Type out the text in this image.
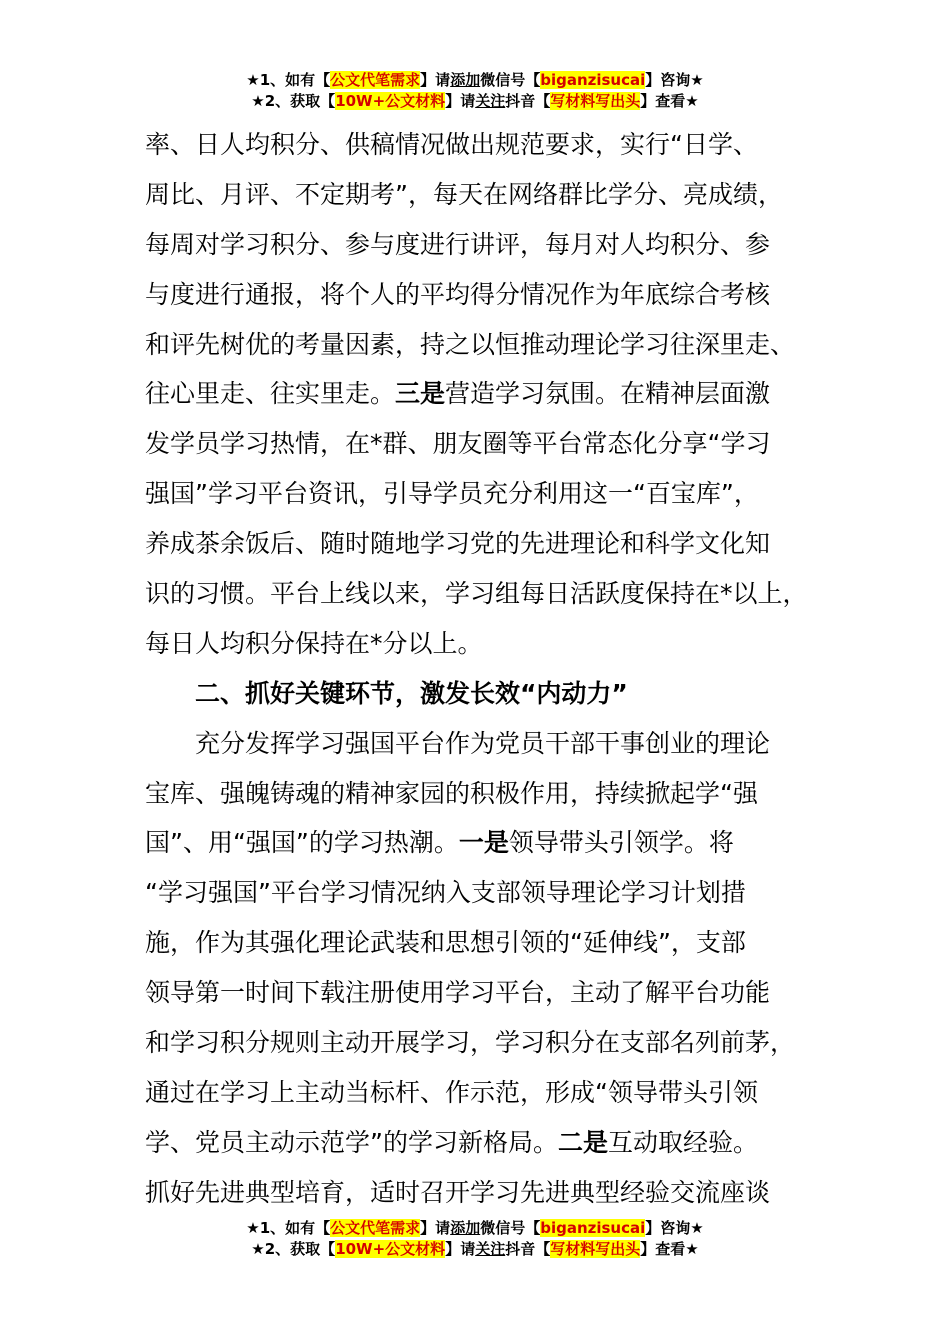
★1、如有【公文代笔需求】请添加微信号【biganzisucai】咨询★
★2、获取【10W+公文材料】请关注抖音【写材料写出头】查看★
率、日人均积分、供稿情况做出规范要求，实行“日学、
周比、月评、不定期考”，每天在网络群比学分、亮成绩，
每周对学习积分、参与度进行讲评，每月对人均积分、参
与度进行通报，将个人的平均得分情况作为年底综合考核
和评先树优的考量因素，持之以恒推动理论学习往深里走、
往心里走、往实里走。三是营造学习氛围。在精神层面激
发学员学习热情，在*群、朋友圈等平台常态化分享“学习
强国”学习平台资讯，引导学员充分利用这一“百宝库”，
养成茶余饭后、随时随地学习党的先进理论和科学文化知
识的习惯。平台上线以来，学习组每日活跃度保持在*以上，
每日人均积分保持在*分以上。
二、抓好关键环节，激发长效“内动力”
充分发挥学习强国平台作为党员干部干事创业的理论
宝库、强魄铸魂的精神家园的积极作用，持续掀起学“强
国”、用“强国”的学习热潮。一是领导带头引领学。将
“学习强国”平台学习情况纳入支部领导理论学习计划措
施，作为其强化理论武装和思想引领的“延伸线”，支部
领导第一时间下载注册使用学习平台，主动了解平台功能
和学习积分规则主动开展学习，学习积分在支部名列前茅，
通过在学习上主动当标杆、作示范，形成“领导带头引领
学、党员主动示范学”的学习新格局。二是互动取经验。
抓好先进典型培育，适时召开学习先进典型经验交流座谈
★1、如有【公文代笔需求】请添加微信号【biganzisucai】咨询★
★2、获取【10W+公文材料】请关注抖音【写材料写出头】查看★
